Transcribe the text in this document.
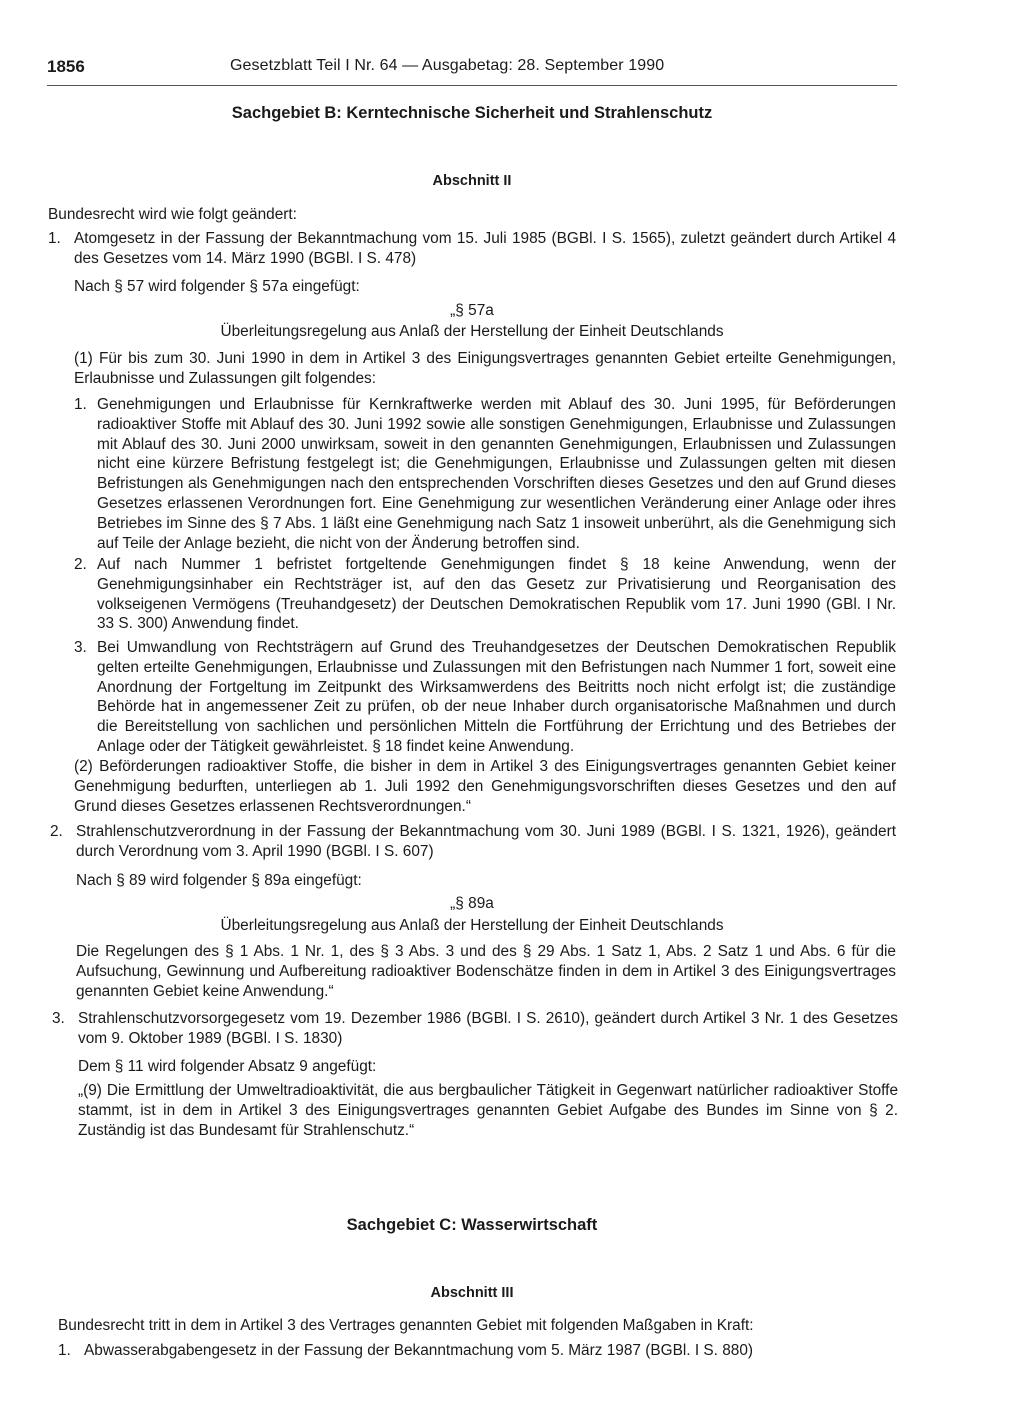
1856	Gesetzblatt Teil I Nr. 64 — Ausgabetag: 28. September 1990
Sachgebiet B: Kerntechnische Sicherheit und Strahlenschutz
Abschnitt II

Bundesrecht wird wie folgt geändert:

1. Atomgesetz in der Fassung der Bekanntmachung vom 15. Juli 1985 (BGBl. I S. 1565), zuletzt geändert durch Artikel 4 des Gesetzes vom 14. März 1990 (BGBl. I S. 478)

Nach § 57 wird folgender § 57a eingefügt:

„§ 57a
Überleitungsregelung aus Anlaß der Herstellung der Einheit Deutschlands

(1) Für bis zum 30. Juni 1990 in dem in Artikel 3 des Einigungsvertrages genannten Gebiet erteilte Genehmigungen, Erlaubnisse und Zulassungen gilt folgendes:

1. Genehmigungen und Erlaubnisse für Kernkraftwerke werden mit Ablauf des 30. Juni 1995, für Beförderungen radioaktiver Stoffe mit Ablauf des 30. Juni 1992 sowie alle sonstigen Genehmigungen, Erlaubnisse und Zulassungen mit Ablauf des 30. Juni 2000 unwirksam, soweit in den genannten Genehmigungen, Erlaubnissen und Zulassungen nicht eine kürzere Befristung festgelegt ist; die Genehmigungen, Erlaubnisse und Zulassungen gelten mit diesen Befristungen als Genehmigungen nach den entsprechenden Vorschriften dieses Gesetzes und den auf Grund dieses Gesetzes erlassenen Verordnungen fort. Eine Genehmigung zur wesentlichen Veränderung einer Anlage oder ihres Betriebes im Sinne des § 7 Abs. 1 läßt eine Genehmigung nach Satz 1 insoweit unberührt, als die Genehmigung sich auf Teile der Anlage bezieht, die nicht von der Änderung betroffen sind.

2. Auf nach Nummer 1 befristet fortgeltende Genehmigungen findet § 18 keine Anwendung, wenn der Genehmigungsinhaber ein Rechtsträger ist, auf den das Gesetz zur Privatisierung und Reorganisation des volkseigenen Vermögens (Treuhandgesetz) der Deutschen Demokratischen Republik vom 17. Juni 1990 (GBl. I Nr. 33 S. 300) Anwendung findet.

3. Bei Umwandlung von Rechtsträgern auf Grund des Treuhandgesetzes der Deutschen Demokratischen Republik gelten erteilte Genehmigungen, Erlaubnisse und Zulassungen mit den Befristungen nach Nummer 1 fort, soweit eine Anordnung der Fortgeltung im Zeitpunkt des Wirksamwerdens des Beitritts noch nicht erfolgt ist; die zuständige Behörde hat in angemessener Zeit zu prüfen, ob der neue Inhaber durch organisatorische Maßnahmen und durch die Bereitstellung von sachlichen und persönlichen Mitteln die Fortführung der Errichtung und des Betriebes der Anlage oder der Tätigkeit gewährleistet. § 18 findet keine Anwendung.

(2) Beförderungen radioaktiver Stoffe, die bisher in dem in Artikel 3 des Einigungsvertrages genannten Gebiet keiner Genehmigung bedurften, unterliegen ab 1. Juli 1992 den Genehmigungsvorschriften dieses Gesetzes und den auf Grund dieses Gesetzes erlassenen Rechtsverordnungen.“

2. Strahlenschutzverordnung in der Fassung der Bekanntmachung vom 30. Juni 1989 (BGBl. I S. 1321, 1926), geändert durch Verordnung vom 3. April 1990 (BGBl. I S. 607)

Nach § 89 wird folgender § 89a eingefügt:

„§ 89a
Überleitungsregelung aus Anlaß der Herstellung der Einheit Deutschlands

Die Regelungen des § 1 Abs. 1 Nr. 1, des § 3 Abs. 3 und des § 29 Abs. 1 Satz 1, Abs. 2 Satz 1 und Abs. 6 für die Aufsuchung, Gewinnung und Aufbereitung radioaktiver Bodenschätze finden in dem in Artikel 3 des Einigungsvertrages genannten Gebiet keine Anwendung.“

3. Strahlenschutzvorsorgegesetz vom 19. Dezember 1986 (BGBl. I S. 2610), geändert durch Artikel 3 Nr. 1 des Gesetzes vom 9. Oktober 1989 (BGBl. I S. 1830)

Dem § 11 wird folgender Absatz 9 angefügt:

„(9) Die Ermittlung der Umweltradioaktivität, die aus bergbaulicher Tätigkeit in Gegenwart natürlicher radioaktiver Stoffe stammt, ist in dem in Artikel 3 des Einigungsvertrages genannten Gebiet Aufgabe des Bundes im Sinne von § 2. Zuständig ist das Bundesamt für Strahlenschutz.“

Sachgebiet C: Wasserwirtschaft
Abschnitt III

Bundesrecht tritt in dem in Artikel 3 des Vertrages genannten Gebiet mit folgenden Maßgaben in Kraft:

1. Abwasserabgabengesetz in der Fassung der Bekanntmachung vom 5. März 1987 (BGBl. I S. 880)
